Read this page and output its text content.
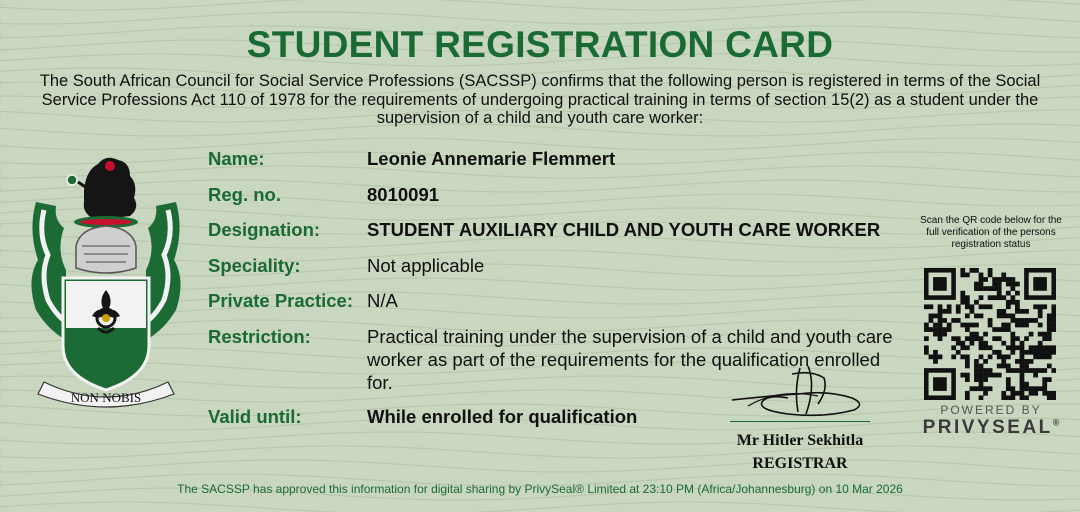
STUDENT REGISTRATION CARD
The South African Council for Social Service Professions (SACSSP) confirms that the following person is registered in terms of the Social Service Professions Act 110 of 1978 for the requirements of undergoing practical training in terms of section 15(2) as a student under the supervision of a child and youth care worker:
NON NOBIS
Name:	Leonie Annemarie Flemmert
Reg. no.	8010091
Designation:	STUDENT AUXILIARY CHILD AND YOUTH CARE WORKER
Speciality:	Not applicable
Private Practice: N/A
Restriction:	Practical training under the supervision of a child and youth care worker as part of the requirements for the qualification enrolled for.
Valid until:	While enrolled for qualification
Mr Hitler Sekhitla
REGISTRAR
Scan the QR code below for the full verification of the persons registration status
POWERED BY
PRIVYSEAL®
The SACSSP has approved this information for digital sharing by PrivySeal® Limited at 23:10 PM (Africa/Johannesburg) on 10 Mar 2026
